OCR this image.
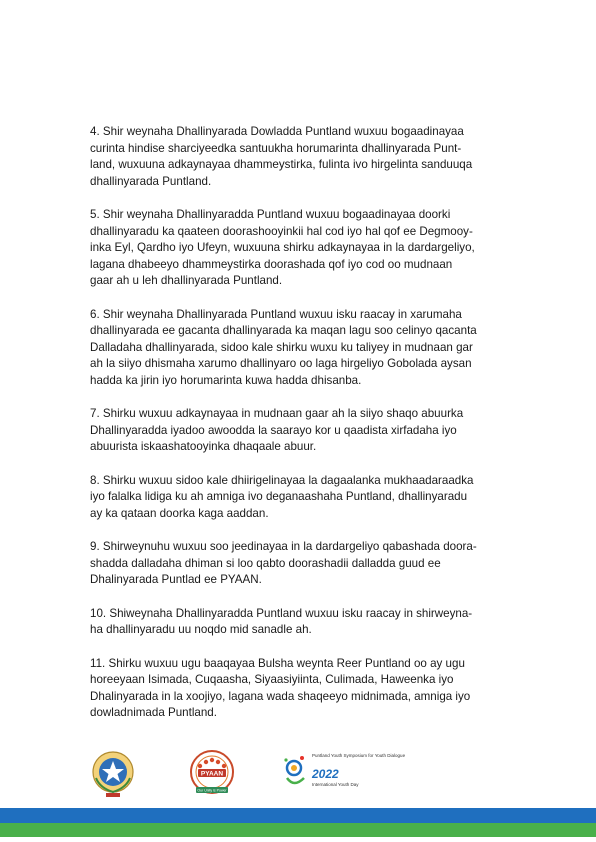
4. Shir weynaha Dhallinyarada Dowladda Puntland wuxuu bogaadinayaa
curinta hindise sharciyeedka santuukha horumarinta dhallinyarada Punt-
land, wuxuuna adkaynayaa dhammeystirka, fulinta ivo hirgelinta sanduuqa
dhallinyarada Puntland.

5. Shir weynaha Dhallinyaradda Puntland wuxuu bogaadinayaa doorki
dhallinyaradu ka qaateen doorashooyinkii hal cod iyo hal qof ee Degmooy-
inka Eyl, Qardho iyo Ufeyn, wuxuuna shirku adkaynayaa in la dardargeliyo,
lagana dhabeeyo dhammeystirka doorashada qof iyo cod oo mudnaan
gaar ah u leh dhallinyarada Puntland.

6. Shir weynaha Dhallinyarada Puntland wuxuu isku raacay in xarumaha
dhallinyarada ee gacanta dhallinyarada ka maqan lagu soo celinyo qacanta
Dalladaha dhallinyarada, sidoo kale shirku wuxu ku taliyey in mudnaan gar
ah la siiyo dhismaha xarumo dhallinyaro oo laga hirgeliyo Gobolada aysan
hadda ka jirin iyo horumarinta kuwa hadda dhisanba.

7. Shirku wuxuu adkaynayaa in mudnaan gaar ah la siiyo shaqo abuurka
Dhallinyaradda iyadoo awoodda la saarayo kor u qaadista xirfadaha iyo
abuurista iskaashatooyinka dhaqaale abuur.

8. Shirku wuxuu sidoo kale dhiirigelinayaa la dagaalanka mukhaadaraadka
iyo falalka lidiga ku ah amniga ivo deganaashaha Puntland, dhallinyaradu
ay ka qataan doorka kaga aaddan.

9. Shirweynuhu wuxuu soo jeedinayaa in la dardargeliyo qabashada doora-
shadda dalladaha dhiman si loo qabto doorashadii dalladda guud ee
Dhalinyarada Puntlad ee PYAAN.

10. Shiweynaha Dhallinyaradda Puntland wuxuu isku raacay in shirweyna-
ha dhallinyaradu uu noqdo mid sanadle ah.

11. Shirku wuxuu ugu baaqayaa Bulsha weynta Reer Puntland oo ay ugu
horeeyaan Isimada, Cuqaasha, Siyaasiyiinta, Culimada, Haweenka iyo
Dhalinyarada in la xoojiyo, lagana wada shaqeeyo midnimada, amniga iyo
dowladnimada Puntland.

PYAAN
Our Unity is Power
Puntland Youth Symposium for Youth Dialogue
2022
International Youth Day
